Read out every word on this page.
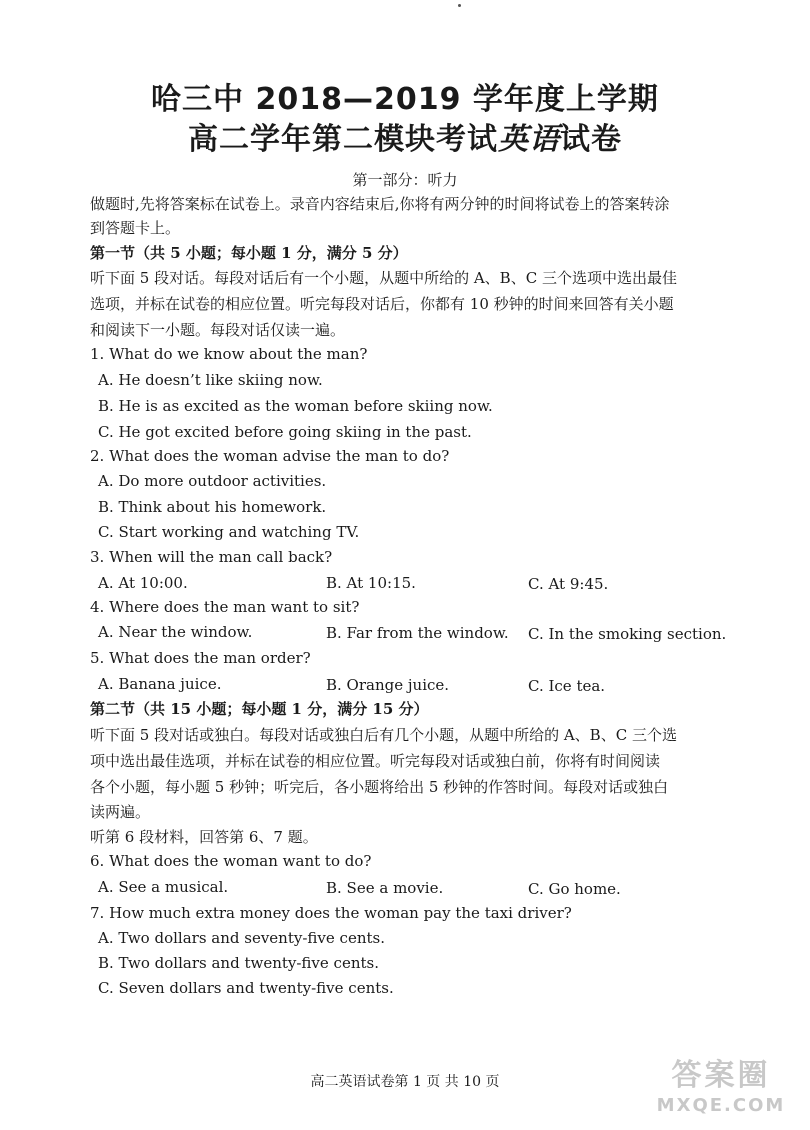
哈三中 2018—2019 学年度上学期
高二学年第二模块考试英语试卷
第一部分：听力
做题时,先将答案标在试卷上。录音内容结束后,你将有两分钟的时间将试卷上的答案转涂
到答题卡上。
第一节（共 5 小题；每小题 1 分，满分 5 分）
听下面 5 段对话。每段对话后有一个小题，从题中所给的 A、B、C 三个选项中选出最佳
选项，并标在试卷的相应位置。听完每段对话后，你都有 10 秒钟的时间来回答有关小题
和阅读下一小题。每段对话仅读一遍。
1. What do we know about the man?
A. He doesn’t like skiing now.
B. He is as excited as the woman before skiing now.
C. He got excited before going skiing in the past.
2. What does the woman advise the man to do?
A. Do more outdoor activities.
B. Think about his homework.
C. Start working and watching TV.
3. When will the man call back?
A. At 10:00.	B. At 10:15.	C. At 9:45.
4. Where does the man want to sit?
A. Near the window.	B. Far from the window. C. In the smoking section.
5. What does the man order?
A. Banana juice.	B. Orange juice.	C. Ice tea.
第二节（共 15 小题；每小题 1 分，满分 15 分）
听下面 5 段对话或独白。每段对话或独白后有几个小题，从题中所给的 A、B、C 三个选
项中选出最佳选项，并标在试卷的相应位置。听完每段对话或独白前，你将有时间阅读
各个小题，每小题 5 秒钟；听完后，各小题将给出 5 秒钟的作答时间。每段对话或独白
读两遍。
听第 6 段材料，回答第 6、7 题。
6. What does the woman want to do?
A. See a musical.	B. See a movie.	C. Go home.
7. How much extra money does the woman pay the taxi driver?
A. Two dollars and seventy-five cents.
B. Two dollars and twenty-five cents.
C. Seven dollars and twenty-five cents.
高二英语试卷第 1 页 共 10 页	答案圈
MXQE.COM
